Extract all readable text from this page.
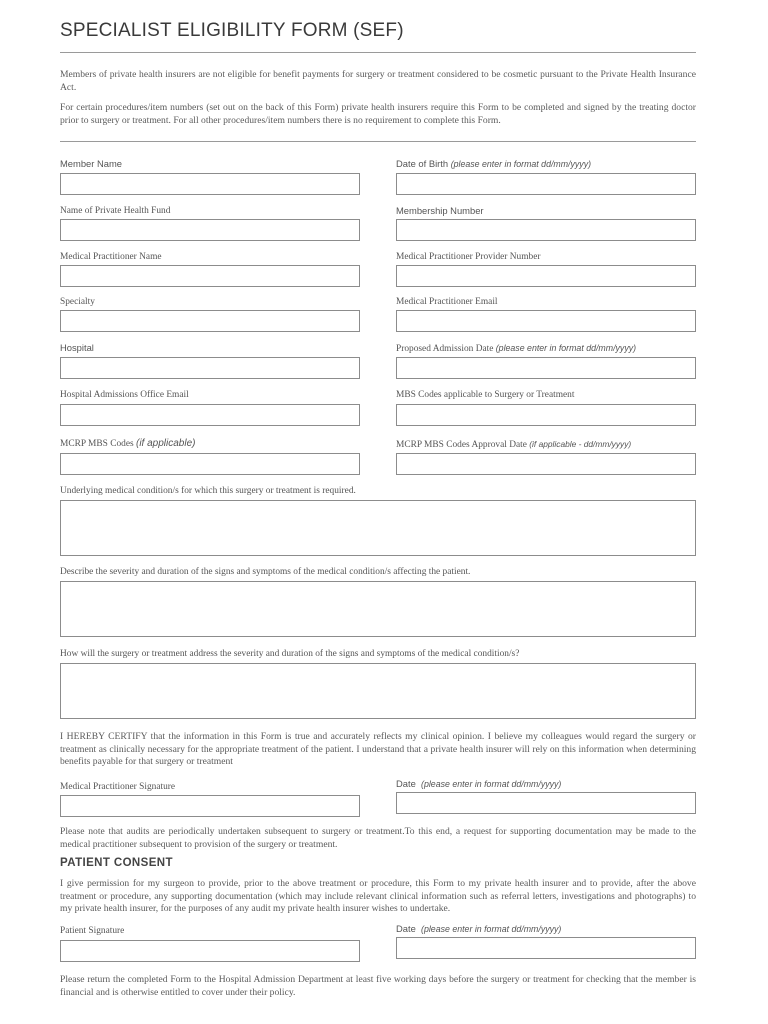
SPECIALIST ELIGIBILITY FORM (SEF)
Members of private health insurers are not eligible for benefit payments for surgery or treatment considered to be cosmetic pursuant to the Private Health Insurance Act.
For certain procedures/item numbers (set out on the back of this Form) private health insurers require this Form to be completed and signed by the treating doctor prior to surgery or treatment. For all other procedures/item numbers there is no requirement to complete this Form.
Member Name	Date of Birth (please enter in format dd/mm/yyyy)
Name of Private Health Fund	Membership Number
Medical Practitioner Name	Medical Practitioner Provider Number
Specialty	Medical Practitioner Email
Hospital	Proposed Admission Date (please enter in format dd/mm/yyyy)
Hospital Admissions Office Email	MBS Codes applicable to Surgery or Treatment
MCRP MBS Codes (if applicable)	MCRP MBS Codes Approval Date (if applicable - dd/mm/yyyy)
Underlying medical condition/s for which this surgery or treatment is required.
Describe the severity and duration of the signs and symptoms of the medical condition/s affecting the patient.
How will the surgery or treatment address the severity and duration of the signs and symptoms of the medical condition/s?
I HEREBY CERTIFY that the information in this Form is true and accurately reflects my clinical opinion. I believe my colleagues would regard the surgery or treatment as clinically necessary for the appropriate treatment of the patient. I understand that a private health insurer will rely on this information when determining benefits payable for that surgery or treatment
Medical Practitioner Signature	Date (please enter in format dd/mm/yyyy)
Please note that audits are periodically undertaken subsequent to surgery or treatment.To this end, a request for supporting documentation may be made to the medical practitioner subsequent to provision of the surgery or treatment.
PATIENT CONSENT
I give permission for my surgeon to provide, prior to the above treatment or procedure, this Form to my private health insurer and to provide, after the above treatment or procedure, any supporting documentation (which may include relevant clinical information such as referral letters, investigations and photographs) to my private health insurer, for the purposes of any audit my private health insurer wishes to undertake.
Patient Signature	Date (please enter in format dd/mm/yyyy)
Please return the completed Form to the Hospital Admission Department at least five working days before the surgery or treatment for checking that the member is financial and is otherwise entitled to cover under their policy.
